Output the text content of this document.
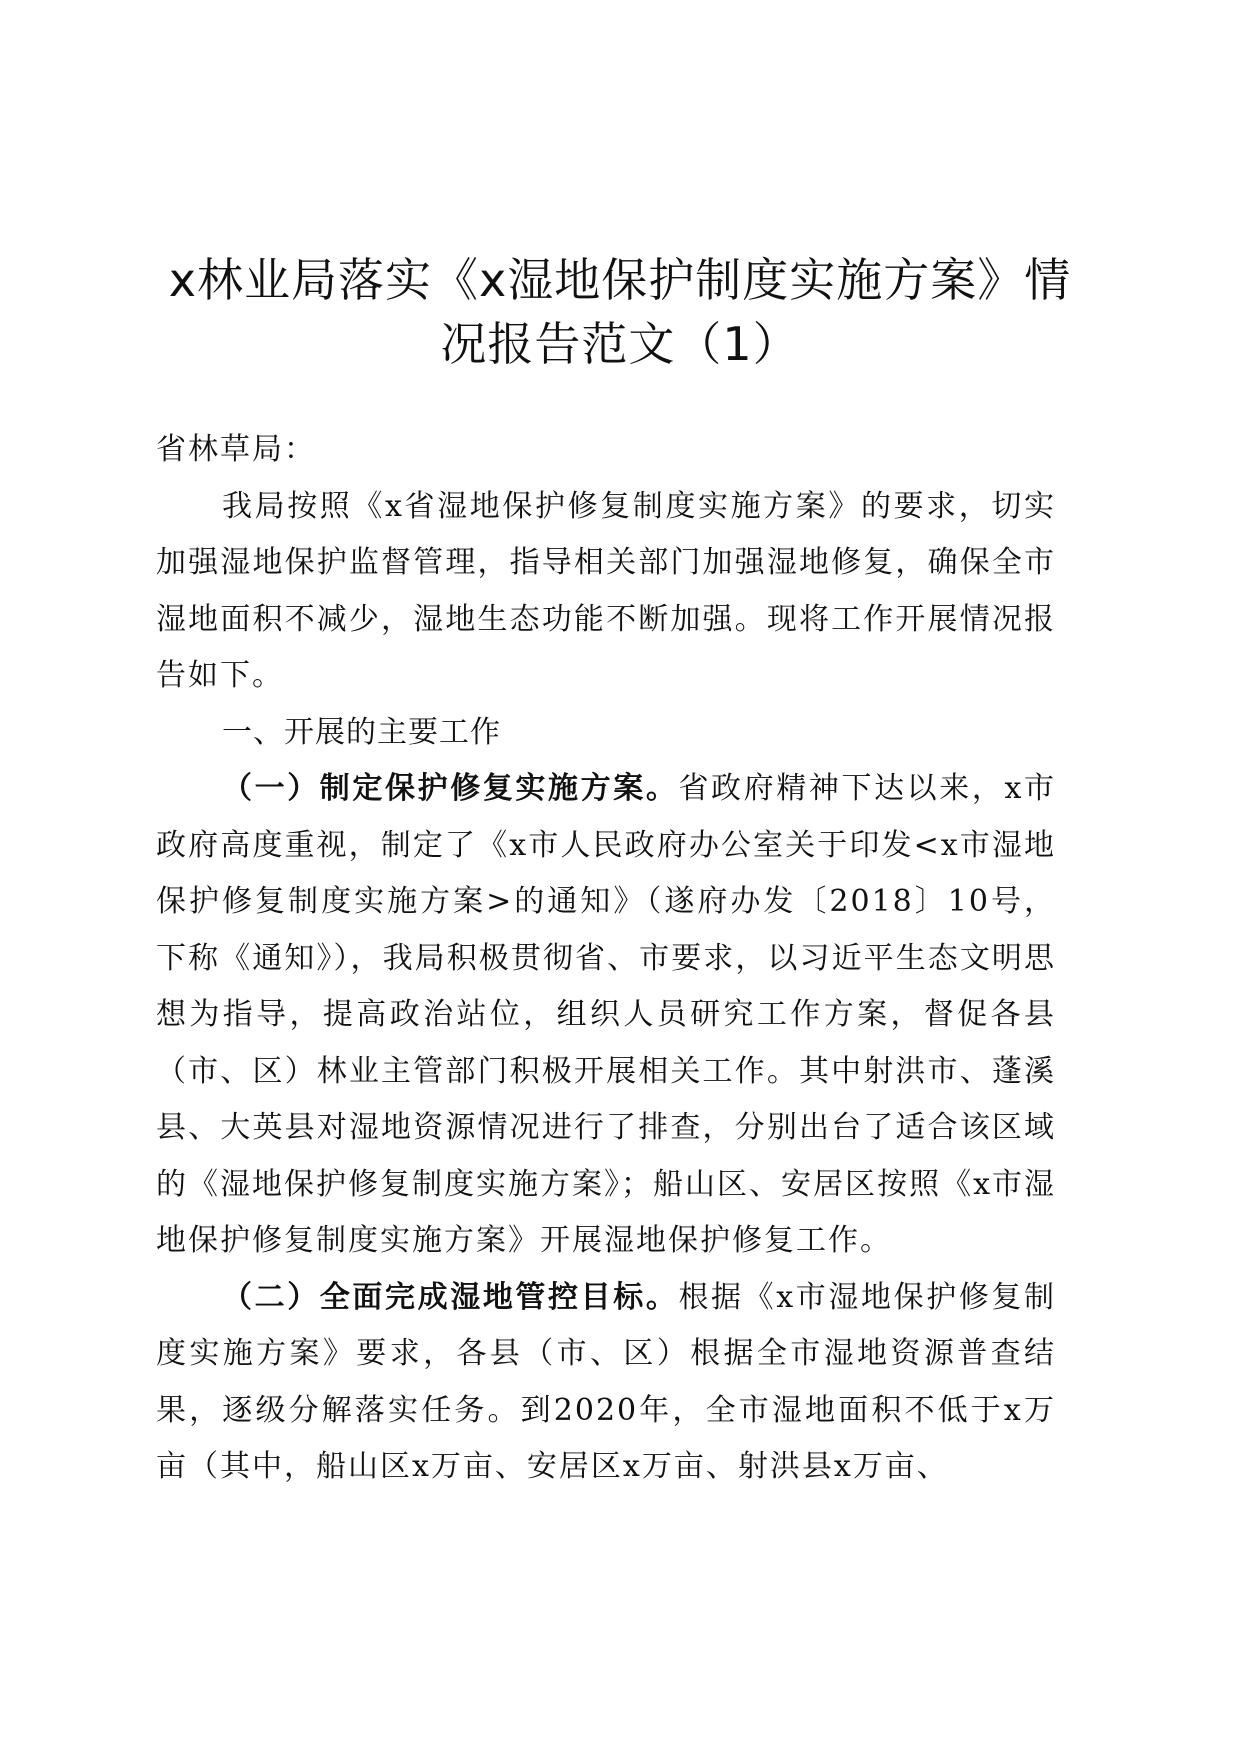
x林业局落实《x湿地保护制度实施方案》情
况报告范文（1）

省林草局：

我局按照《x省湿地保护修复制度实施方案》的要求，切实加强湿地保护监督管理，指导相关部门加强湿地修复，确保全市湿地面积不减少，湿地生态功能不断加强。现将工作开展情况报告如下。

一、开展的主要工作

（一）制定保护修复实施方案。省政府精神下达以来，x市政府高度重视，制定了《x市人民政府办公室关于印发<x市湿地保护修复制度实施方案>的通知》（遂府办发〔2018〕10号，下称《通知》），我局积极贯彻省、市要求，以习近平生态文明思想为指导，提高政治站位，组织人员研究工作方案，督促各县（市、区）林业主管部门积极开展相关工作。其中射洪市、蓬溪县、大英县对湿地资源情况进行了排查，分别出台了适合该区域的《湿地保护修复制度实施方案》；船山区、安居区按照《x市湿地保护修复制度实施方案》开展湿地保护修复工作。

（二）全面完成湿地管控目标。根据《x市湿地保护修复制度实施方案》要求，各县（市、区）根据全市湿地资源普查结果，逐级分解落实任务。到2020年，全市湿地面积不低于x万亩（其中，船山区x万亩、安居区x万亩、射洪县x万亩、
